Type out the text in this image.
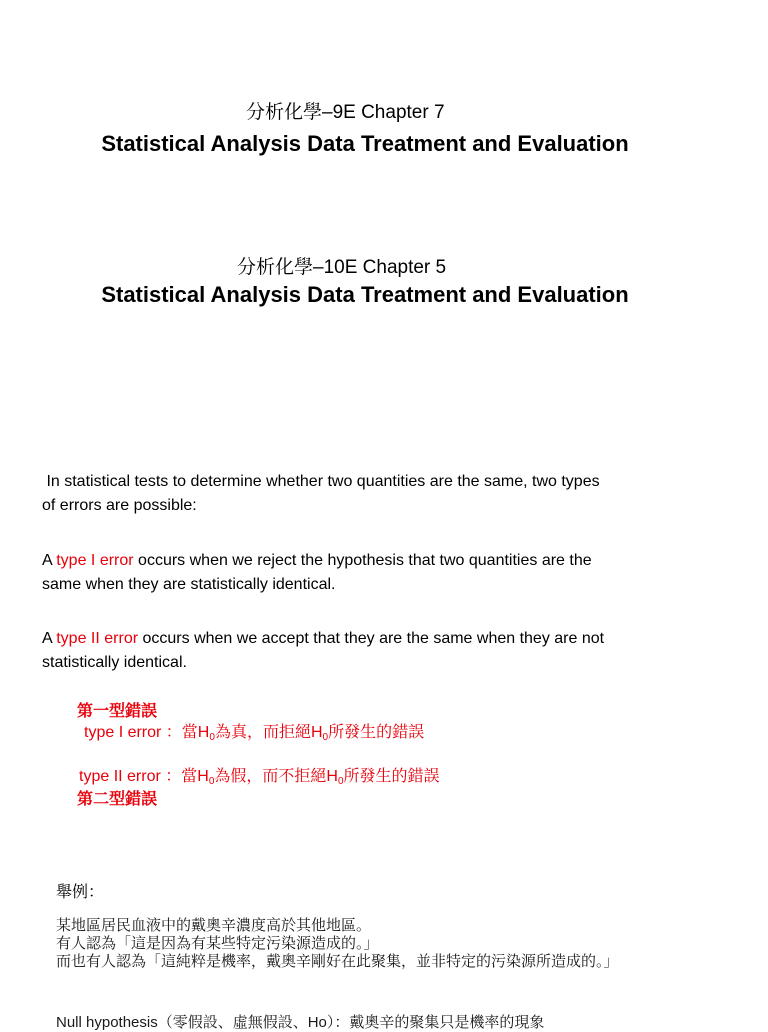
分析化學–9E Chapter 7
Statistical Analysis Data Treatment and Evaluation
分析化學–10E Chapter 5
Statistical Analysis Data Treatment and Evaluation
In statistical tests to determine whether two quantities are the same, two types
of errors are possible:
A type I error occurs when we reject the hypothesis that two quantities are the
same when they are statistically identical.
A type II error occurs when we accept that they are the same when they are not
statistically identical.
第一型錯誤
type I error ：當$H_0$為真，而拒絕$H_0$所發生的錯誤
type II error ：當$H_0$為假，而不拒絕$H_0$所發生的錯誤
第二型錯誤
舉例：
某地區居民血液中的戴奧辛濃度高於其他地區。
有人認為「這是因為有某些特定污染源造成的。」
而也有人認為「這純粹是機率，戴奧辛剛好在此聚集，並非特定的污染源所造成的。」
Null hypothesis（零假設、虛無假設、Ho）：戴奧辛的聚集只是機率的現象
